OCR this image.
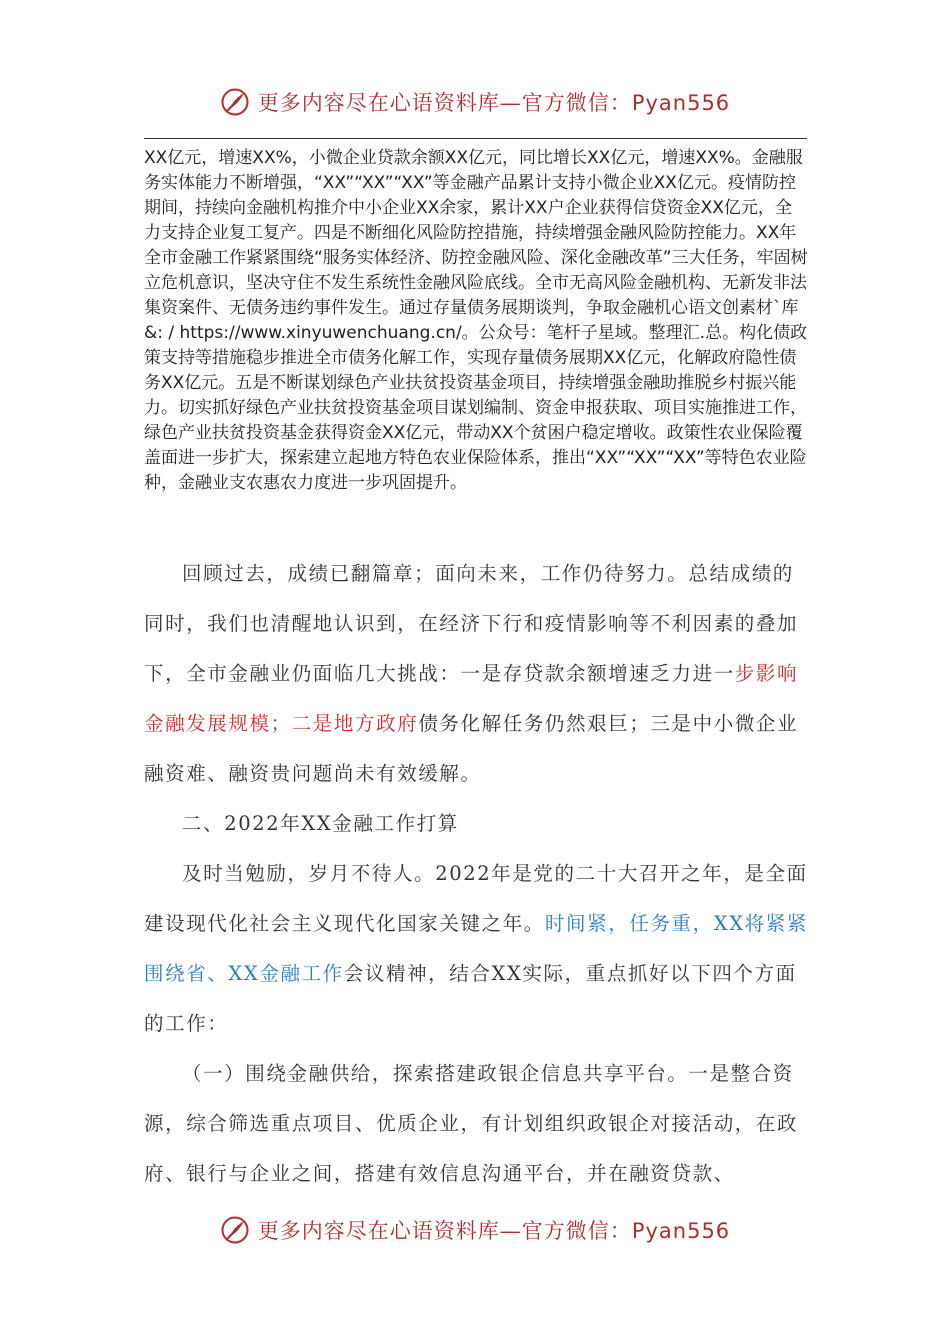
更多内容尽在心语资料库—官方微信：Pyan556

XX亿元，增速XX%，小微企业贷款余额XX亿元，同比增长XX亿元，增速XX%。金融服务实体能力不断增强，“XX”“XX”“XX”等金融产品累计支持小微企业XX亿元。疫情防控期间，持续向金融机构推介中小企业XX余家，累计XX户企业获得信贷资金XX亿元，全力支持企业复工复产。四是不断细化风险防控措施，持续增强金融风险防控能力。XX年全市金融工作紧紧围绕“服务实体经济、防控金融风险、深化金融改革”三大任务，牢固树立危机意识，坚决守住不发生系统性金融风险底线。全市无高风险金融机构、无新发非法集资案件、无债务违约事件发生。通过存量债务展期谈判，争取金融机心语文创素材`库&: / https://www.xinyuwenchuang.cn/。公众号：笔杆子星域。整理汇.总。构化债政策支持等措施稳步推进全市债务化解工作，实现存量债务展期XX亿元，化解政府隐性债务XX亿元。五是不断谋划绿色产业扶贫投资基金项目，持续增强金融助推脱乡村振兴能力。切实抓好绿色产业扶贫投资基金项目谋划编制、资金申报获取、项目实施推进工作，绿色产业扶贫投资基金获得资金XX亿元，带动XX个贫困户稳定增收。政策性农业保险覆盖面进一步扩大，探索建立起地方特色农业保险体系，推出“XX”“XX”“XX”等特色农业险种，金融业支农惠农力度进一步巩固提升。

回顾过去，成绩已翻篇章；面向未来，工作仍待努力。总结成绩的同时，我们也清醒地认识到，在经济下行和疫情影响等不利因素的叠加下，全市金融业仍面临几大挑战：一是存贷款余额增速乏力进一步影响金融发展规模；二是地方政府债务化解任务仍然艰巨；三是中小微企业融资难、融资贵问题尚未有效缓解。

二、2022年XX金融工作打算

及时当勉励，岁月不待人。2022年是党的二十大召开之年，是全面建设现代化社会主义现代化国家关键之年。时间紧，任务重，XX将紧紧围绕省、XX金融工作会议精神，结合XX实际，重点抓好以下四个方面的工作：

（一）围绕金融供给，探索搭建政银企信息共享平台。一是整合资源，综合筛选重点项目、优质企业，有计划组织政银企对接活动，在政府、银行与企业之间，搭建有效信息沟通平台，并在融资贷款、

更多内容尽在心语资料库—官方微信：Pyan556
